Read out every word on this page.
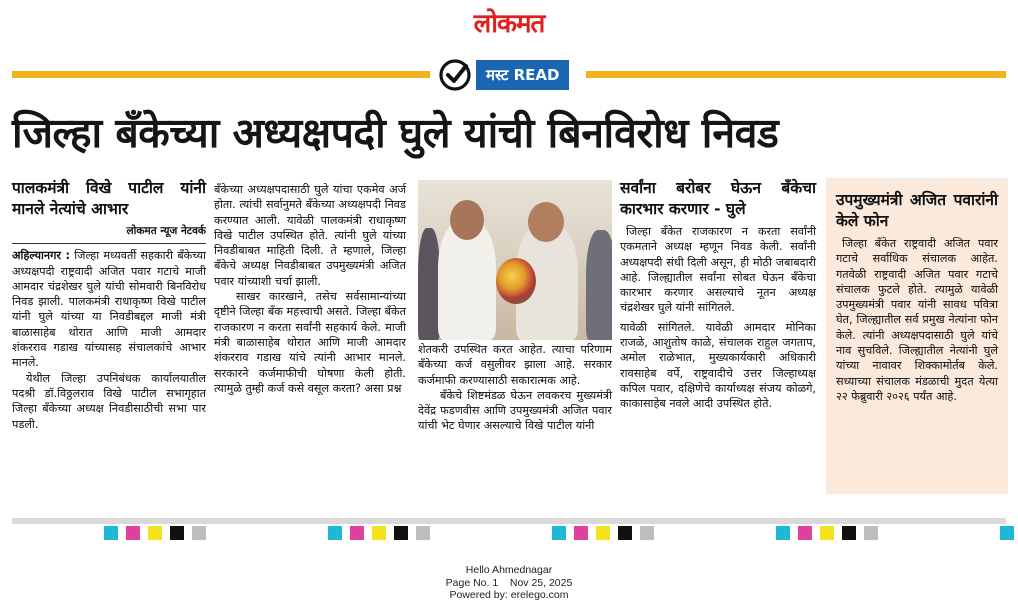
लोकमत
मस्ट READ
जिल्हा बँकेच्या अध्यक्षपदी घुले यांची बिनविरोध निवड
पालकमंत्री विखे पाटील यांनी मानले नेत्यांचे आभार
लोकमत न्यूज नेटवर्क

अहिल्यानगर : जिल्हा मध्यवर्ती सहकारी बँकेच्या अध्यक्षपदी राष्ट्रवादी अजित पवार गटाचे माजी आमदार चंद्रशेखर घुले यांची सोमवारी बिनविरोध निवड झाली. पालकमंत्री राधाकृष्ण विखे पाटील यांनी घुले यांच्या या निवडीबद्दल माजी मंत्री बाळासाहेब थोरात आणि माजी आमदार शंकरराव गडाख यांच्यासह संचालकांचे आभार मानले.

येथील जिल्हा उपनिबंधक कार्यालयातील पदश्री डॉ.विठ्ठलराव विखे पाटील सभागृहात जिल्हा बँकेच्या अध्यक्ष निवडीसाठीची सभा पार पडली.

बँकेच्या अध्यक्षपदासाठी घुले यांचा एकमेव अर्ज होता. त्यांची सर्वानुमते बँकेच्या अध्यक्षपदी निवड करण्यात आली. यावेळी पालकमंत्री राधाकृष्ण विखे पाटील उपस्थित होते. त्यांनी घुले यांच्या निवडीबाबत माहिती दिली. ते म्हणाले, जिल्हा बँकेचे अध्यक्ष निवडीबाबत उपमुख्यमंत्री अजित पवार यांच्याशी चर्चा झाली.

साखर कारखाने, तसेच सर्वसामान्यांच्या दृष्टीने जिल्हा बँक महत्त्वाची असते. जिल्हा बँकेत राजकारण न करता सर्वांनी सहकार्य केले. माजी मंत्री बाळासाहेब थोरात आणि माजी आमदार शंकरराव गडाख यांचे त्यांनी आभार मानले. सरकारने कर्जमाफीची घोषणा केली होती. त्यामुळे तुम्ही कर्ज कसे वसूल करता? असा प्रश्न

शेतकरी उपस्थित करत आहेत. त्याचा परिणाम बँकेच्या कर्ज वसुलीवर झाला आहे. सरकार कर्जमाफी करण्यासाठी सकारात्मक आहे.

बँकेचे शिष्टमंडळ घेऊन लवकरच मुख्यमंत्री देवेंद्र फडणवीस आणि उपमुख्यमंत्री अजित पवार यांची भेट घेणार असल्याचे विखे पाटील यांनी

सर्वांना बरोबर घेऊन बँकेचा कारभार करणार - घुले

जिल्हा बँकेत राजकारण न करता सर्वांनी एकमताने अध्यक्ष म्हणून निवड केली. सर्वांनी अध्यक्षपदी संधी दिली असून, ही मोठी जबाबदारी आहे. जिल्ह्यातील सर्वांना सोबत घेऊन बँकेचा कारभार करणार असल्याचे नूतन अध्यक्ष चंद्रशेखर घुले यांनी सांगितले.

यावेळी सांगितले. यावेळी आमदार मोनिका राजळे, आशुतोष काळे, संचालक राहुल जगताप, अमोल राळेभात, मुख्यकार्यकारी अधिकारी रावसाहेब वर्पे, राष्ट्रवादीचे उत्तर जिल्हाध्यक्ष कपिल पवार, दक्षिणेचे कार्याध्यक्ष संजय कोळगे, काकासाहेब नवले आदी उपस्थित होते.

उपमुख्यमंत्री अजित पवारांनी केले फोन

जिल्हा बँकेत राष्ट्रवादी अजित पवार गटाचे सर्वाधिक संचालक आहेत. गतवेळी राष्ट्रवादी अजित पवार गटाचे संचालक फुटले होते. त्यामुळे यावेळी उपमुख्यमंत्री पवार यांनी सावध पवित्रा घेत, जिल्ह्यातील सर्व प्रमुख नेत्यांना फोन केले. त्यांनी अध्यक्षपदासाठी घुले यांचे नाव सुचविले. जिल्ह्यातील नेत्यांनी घुले यांच्या नावावर शिक्कामोर्तब केले. सध्याच्या संचालक मंडळाची मुदत येत्या २२ फेब्रुवारी २०२६ पर्यंत आहे.

Hello Ahmednagar
Page No. 1    Nov 25, 2025
Powered by: erelego.com
